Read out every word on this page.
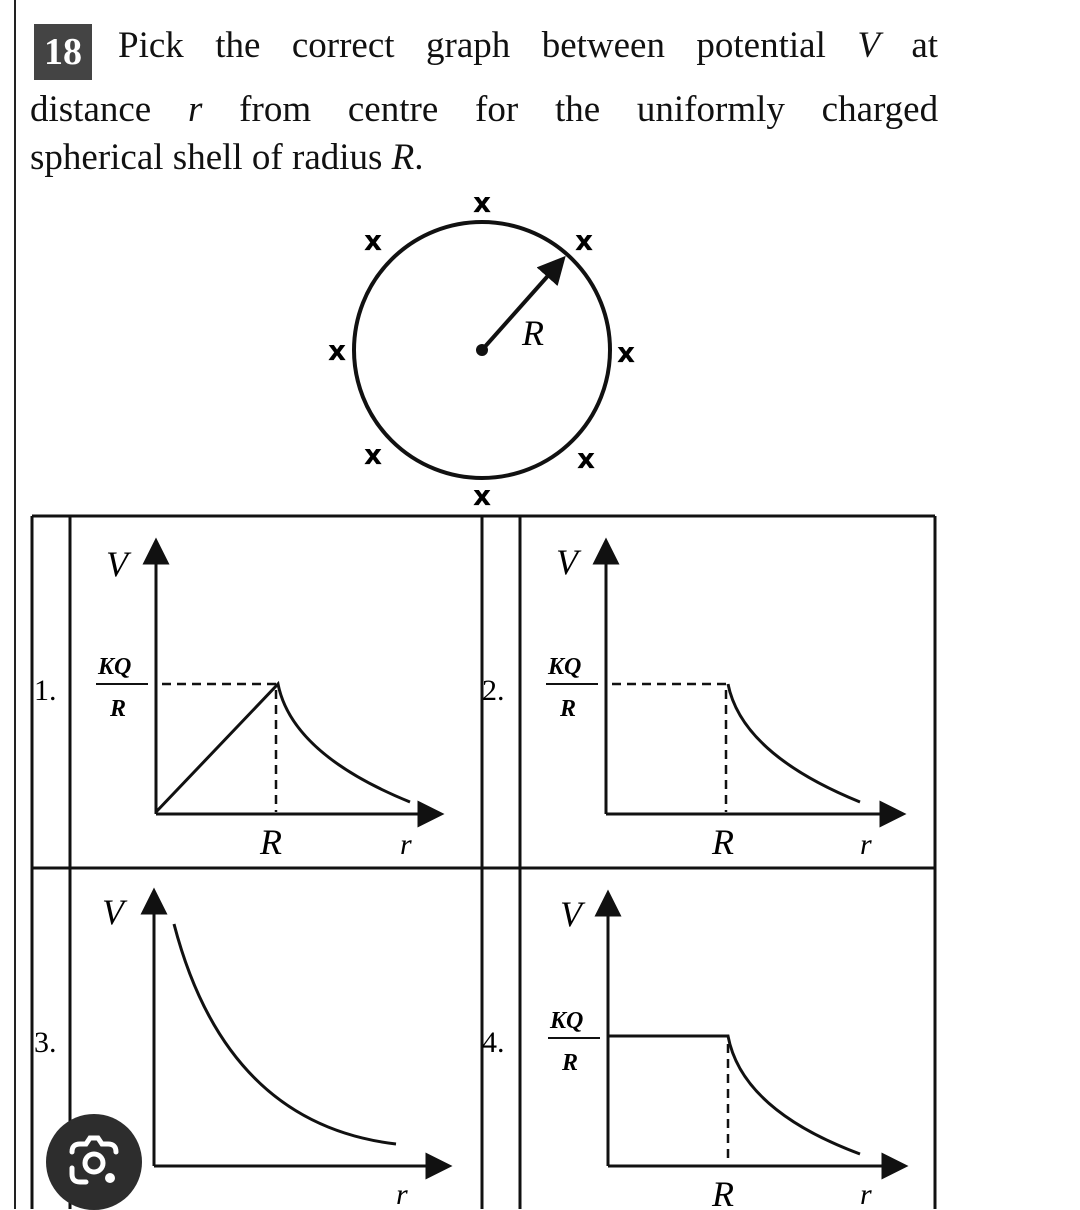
18 Pick the correct graph between potential V at
distance r from centre for the uniformly charged
spherical shell of radius R.
R
x
x	x
x	x
x	x
x
1.
V
r
R
KQ
R
2.
V
r
R
KQ
R
3.
V
r
4.
V
r
R
KQ
R
